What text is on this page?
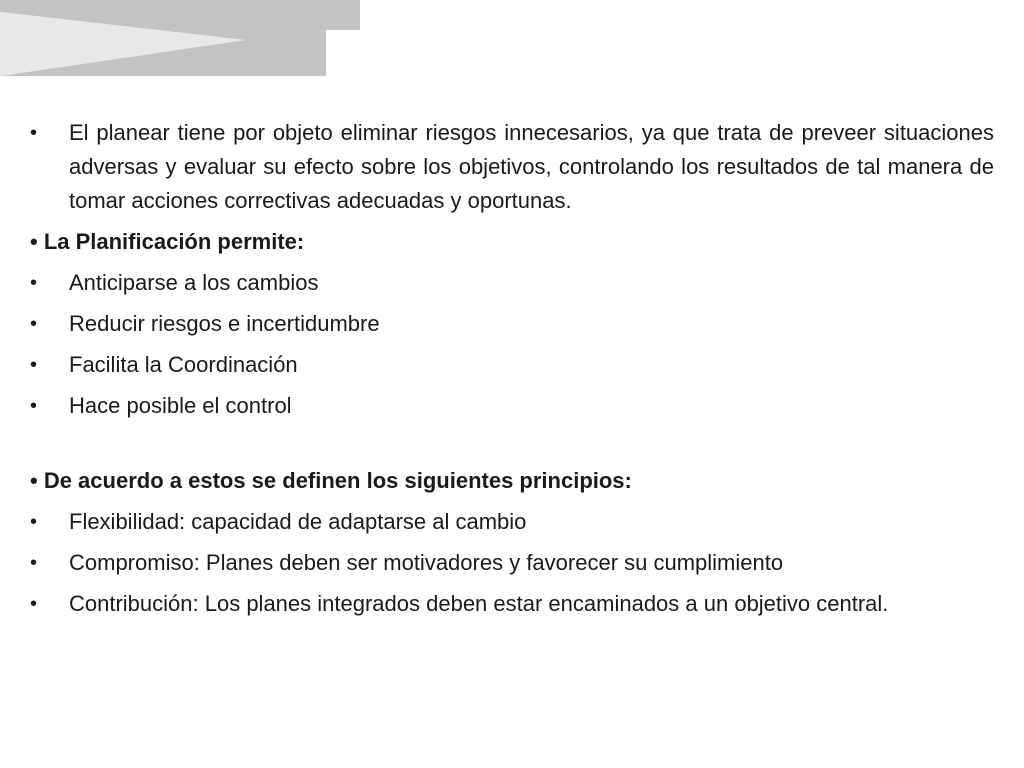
•	El planear tiene por objeto eliminar riesgos innecesarios, ya que trata de preveer situaciones adversas y evaluar su efecto sobre los objetivos, controlando los resultados de tal manera de tomar acciones correctivas adecuadas y oportunas.
• La Planificación permite:
•	Anticiparse a los cambios
•	Reducir riesgos e incertidumbre
•	Facilita la Coordinación
•	Hace posible el control
• De acuerdo a estos se definen los siguientes principios:
•	Flexibilidad: capacidad de adaptarse al cambio
•	Compromiso: Planes deben ser motivadores y favorecer su cumplimiento
•	Contribución: Los planes integrados deben estar encaminados a un objetivo central.
